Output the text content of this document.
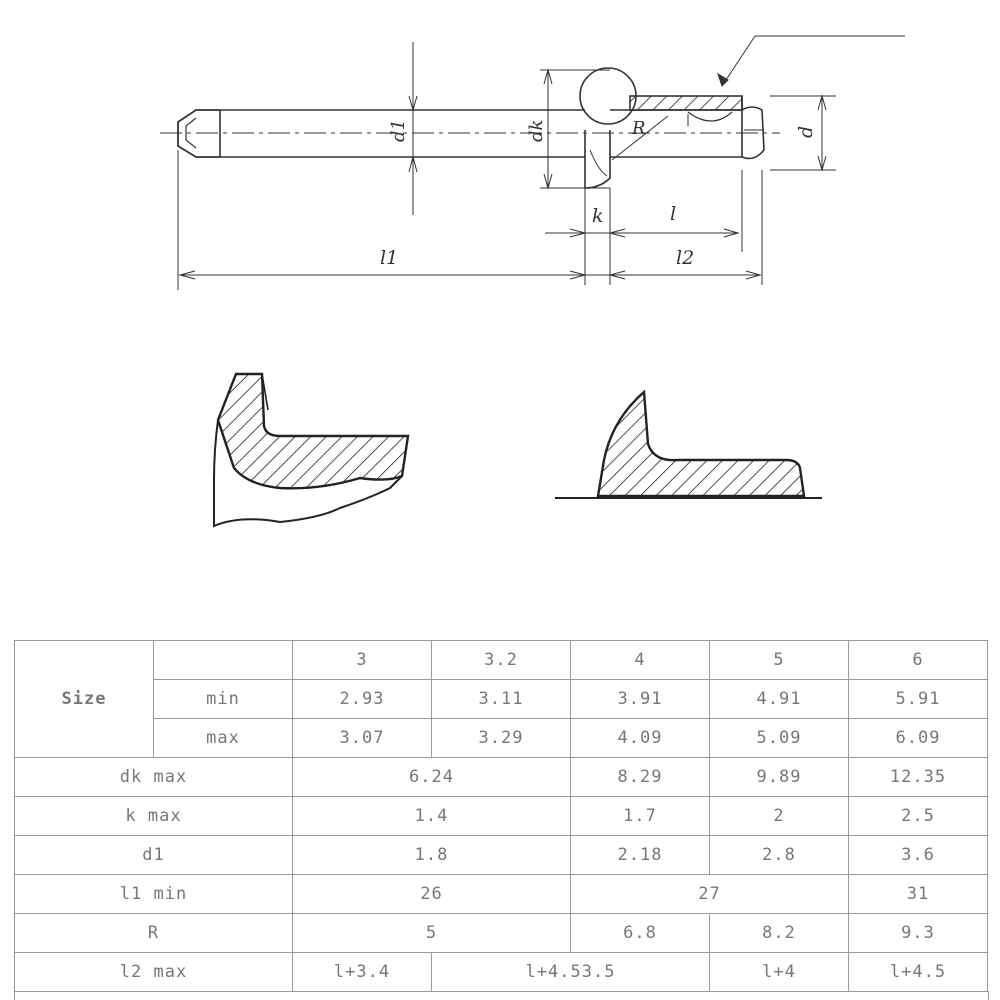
d1	dk	d
R
k	l
l1	l2
Size		3	3.2	4	5	6
	min	2.93	3.11	3.91	4.91	5.91
	max	3.07	3.29	4.09	5.09	6.09
dk max		6.24		8.29	9.89	12.35
k max		1.4		1.7	2	2.5
d1		1.8		2.18	2.8	3.6
l1 min		26		27		31
R		5		6.8	8.2	9.3
l2 max		l+3.4	l+4.53.5		l+4	l+4.5
